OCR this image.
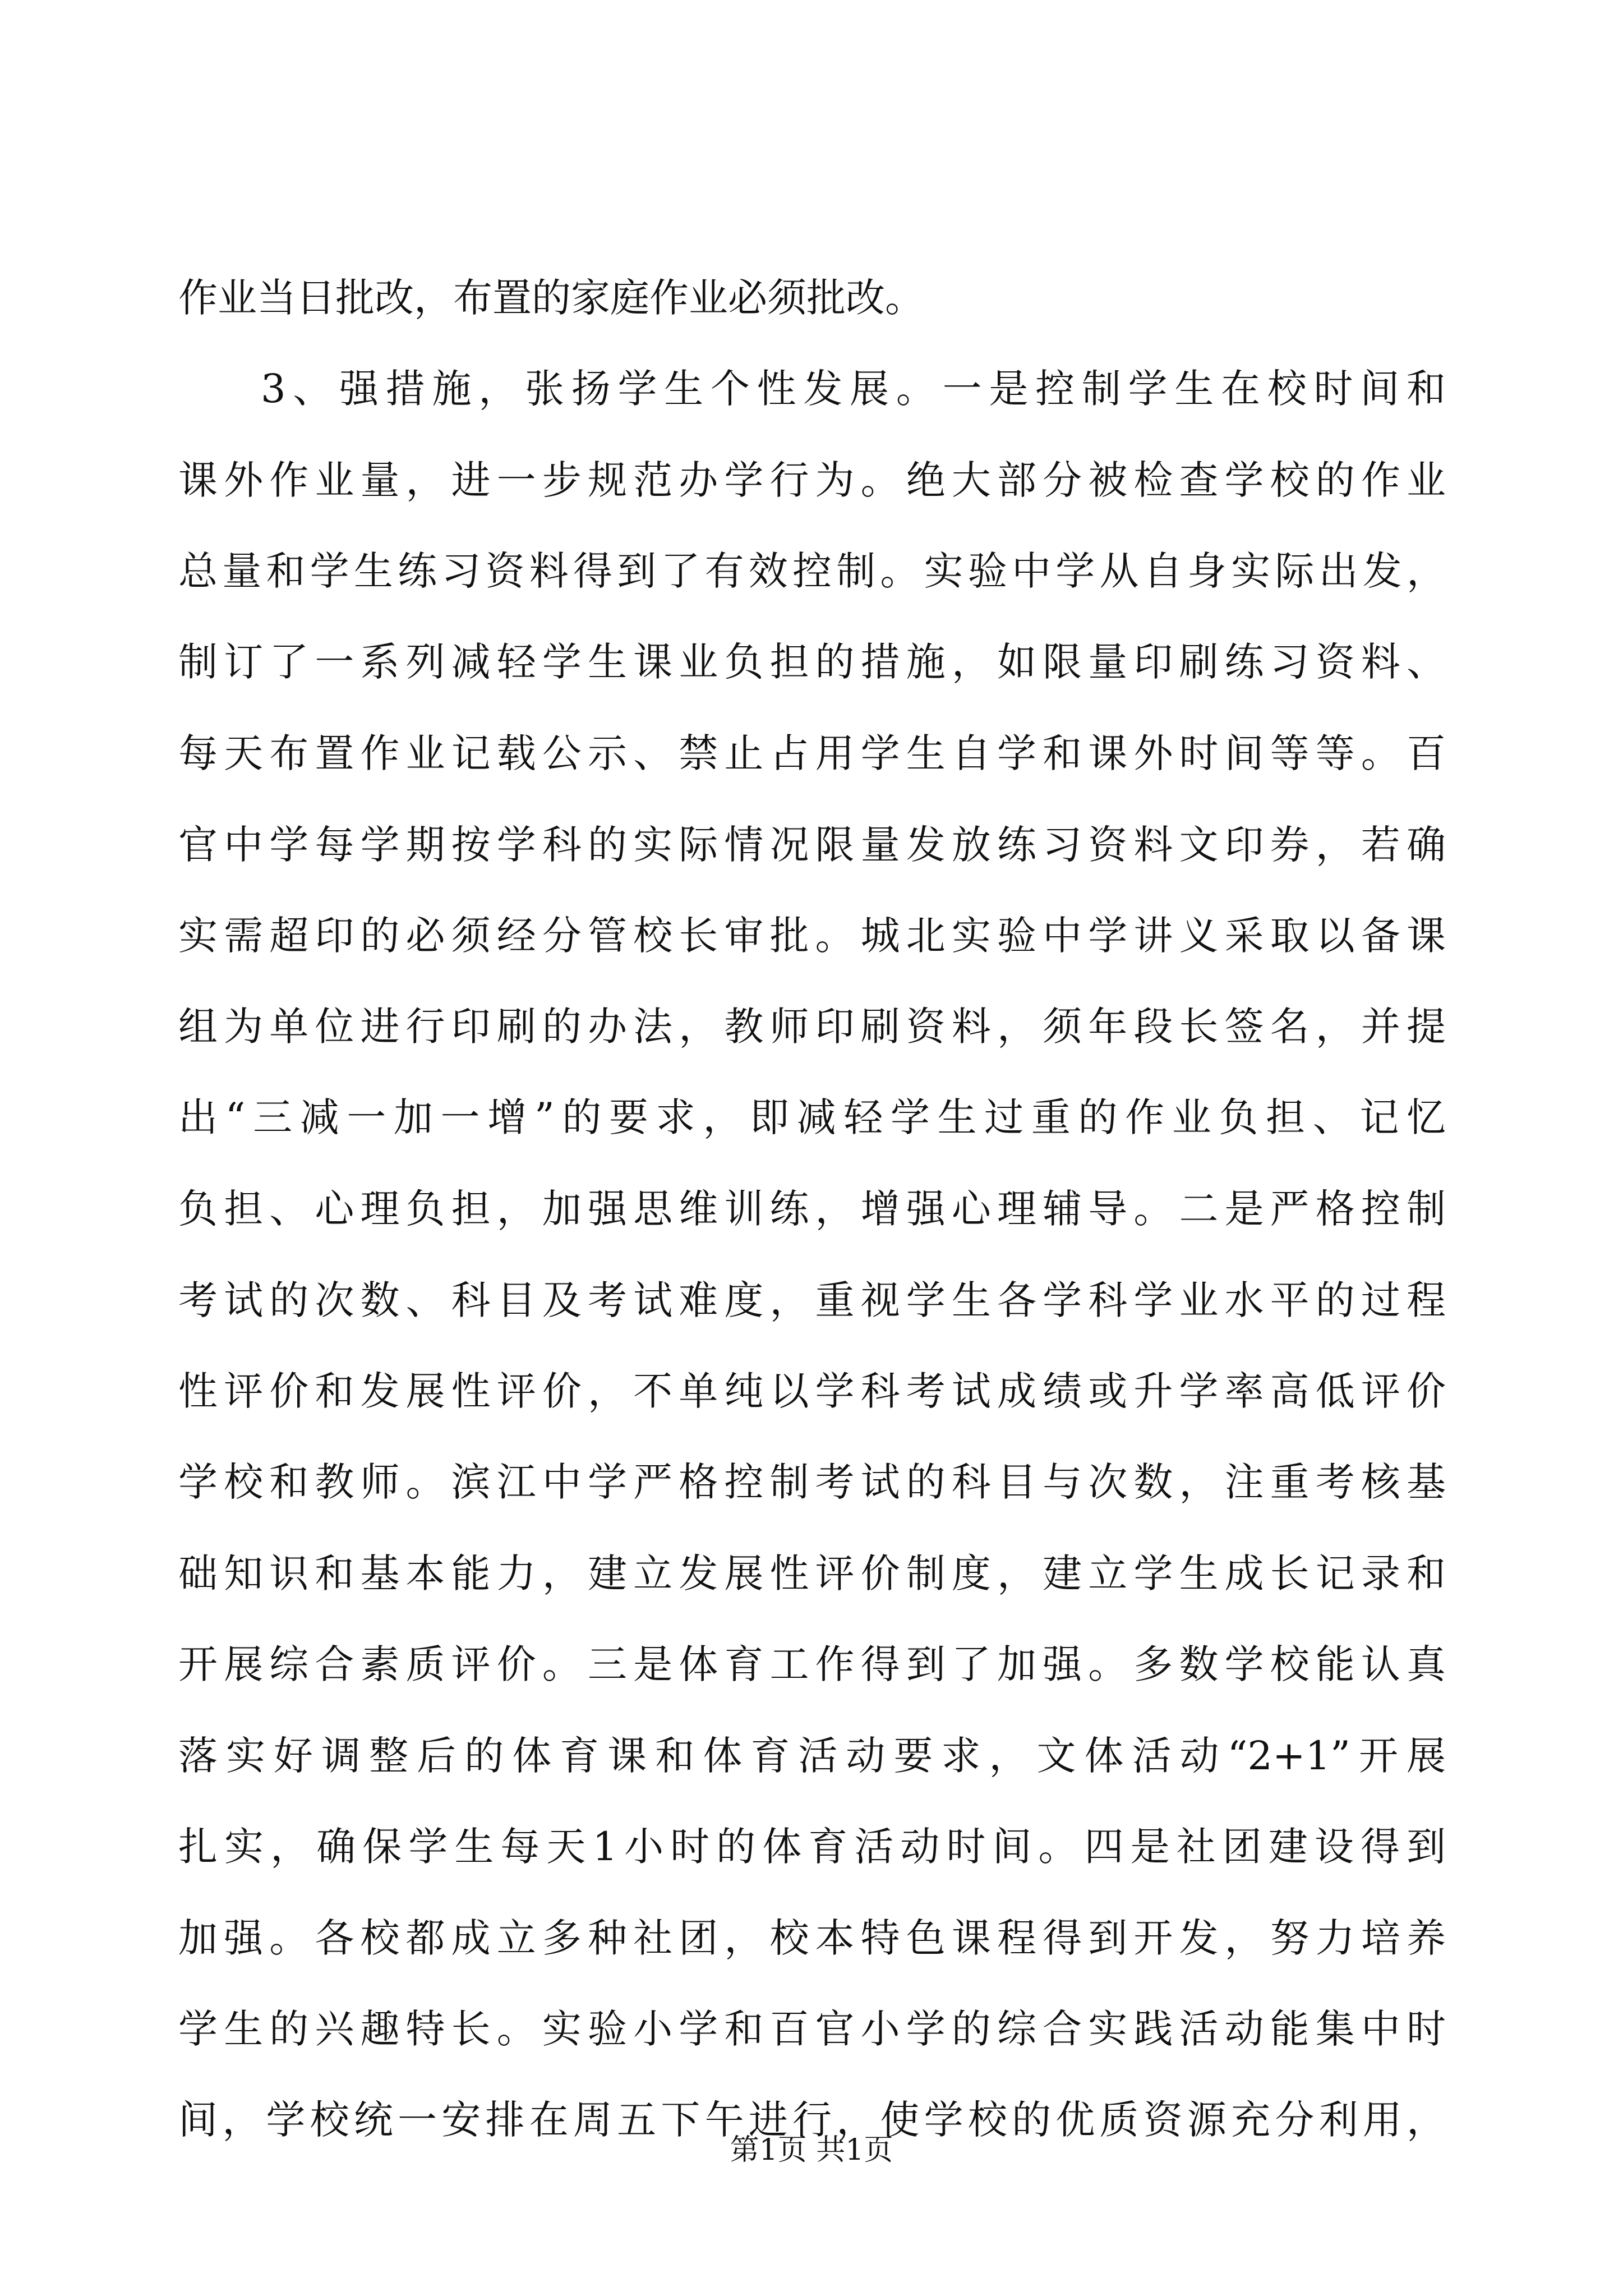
作业当日批改，布置的家庭作业必须批改。
3、强措施，张扬学生个性发展。一是控制学生在校时间和
课外作业量，进一步规范办学行为。绝大部分被检查学校的作业
总量和学生练习资料得到了有效控制。实验中学从自身实际出发，
制订了一系列减轻学生课业负担的措施，如限量印刷练习资料、
每天布置作业记载公示、禁止占用学生自学和课外时间等等。百
官中学每学期按学科的实际情况限量发放练习资料文印券，若确
实需超印的必须经分管校长审批。城北实验中学讲义采取以备课
组为单位进行印刷的办法，教师印刷资料，须年段长签名，并提
出“三减一加一增”的要求，即减轻学生过重的作业负担、记忆
负担、心理负担，加强思维训练，增强心理辅导。二是严格控制
考试的次数、科目及考试难度，重视学生各学科学业水平的过程
性评价和发展性评价，不单纯以学科考试成绩或升学率高低评价
学校和教师。滨江中学严格控制考试的科目与次数，注重考核基
础知识和基本能力，建立发展性评价制度，建立学生成长记录和
开展综合素质评价。三是体育工作得到了加强。多数学校能认真
落实好调整后的体育课和体育活动要求，文体活动“2+1”开展
扎实，确保学生每天1小时的体育活动时间。四是社团建设得到
加强。各校都成立多种社团，校本特色课程得到开发，努力培养
学生的兴趣特长。实验小学和百官小学的综合实践活动能集中时
间，学校统一安排在周五下午进行，使学校的优质资源充分利用，
第1页 共1页
